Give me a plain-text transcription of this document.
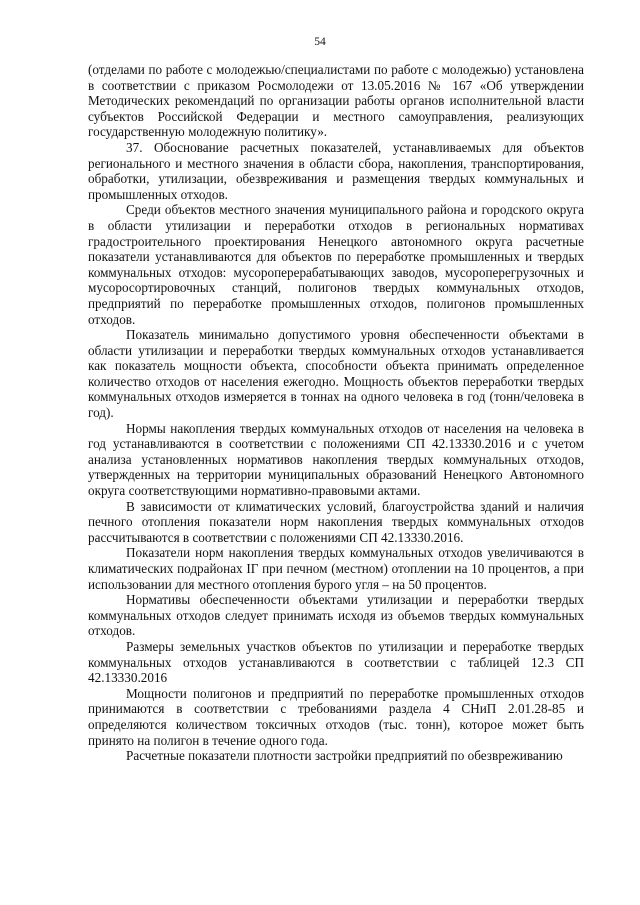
54

(отделами по работе с молодежью/специалистами по работе с молодежью) установлена в соответствии с приказом Росмолодежи от 13.05.2016 № 167 «Об утверждении Методических рекомендаций по организации работы органов исполнительной власти субъектов Российской Федерации и местного самоуправления, реализующих государственную молодежную политику».

37. Обоснование расчетных показателей, устанавливаемых для объектов регионального и местного значения в области сбора, накопления, транспортирования, обработки, утилизации, обезвреживания и размещения твердых коммунальных и промышленных отходов.

Среди объектов местного значения муниципального района и городского округа в области утилизации и переработки отходов в региональных нормативах градостроительного проектирования Ненецкого автономного округа расчетные показатели устанавливаются для объектов по переработке промышленных и твердых коммунальных отходов: мусороперерабатывающих заводов, мусороперегрузочных и мусоросортировочных станций, полигонов твердых коммунальных отходов, предприятий по переработке промышленных отходов, полигонов промышленных отходов.

Показатель минимально допустимого уровня обеспеченности объектами в области утилизации и переработки твердых коммунальных отходов устанавливается как показатель мощности объекта, способности объекта принимать определенное количество отходов от населения ежегодно. Мощность объектов переработки твердых коммунальных отходов измеряется в тоннах на одного человека в год (тонн/человека в год).

Нормы накопления твердых коммунальных отходов от населения на человека в год устанавливаются в соответствии с положениями СП 42.13330.2016 и с учетом анализа установленных нормативов накопления твердых коммунальных отходов, утвержденных на территории муниципальных образований Ненецкого Автономного округа соответствующими нормативно-правовыми актами.

В зависимости от климатических условий, благоустройства зданий и наличия печного отопления показатели норм накопления твердых коммунальных отходов рассчитываются в соответствии с положениями СП 42.13330.2016.

Показатели норм накопления твердых коммунальных отходов увеличиваются в климатических подрайонах IГ при печном (местном) отоплении на 10 процентов, а при использовании для местного отопления бурого угля – на 50 процентов.

Нормативы обеспеченности объектами утилизации и переработки твердых коммунальных отходов следует принимать исходя из объемов твердых коммунальных отходов.

Размеры земельных участков объектов по утилизации и переработке твердых коммунальных отходов устанавливаются в соответствии с таблицей 12.3 СП 42.13330.2016

Мощности полигонов и предприятий по переработке промышленных отходов принимаются в соответствии с требованиями раздела 4 СНиП 2.01.28-85 и определяются количеством токсичных отходов (тыс. тонн), которое может быть принято на полигон в течение одного года.

Расчетные показатели плотности застройки предприятий по обезвреживанию
